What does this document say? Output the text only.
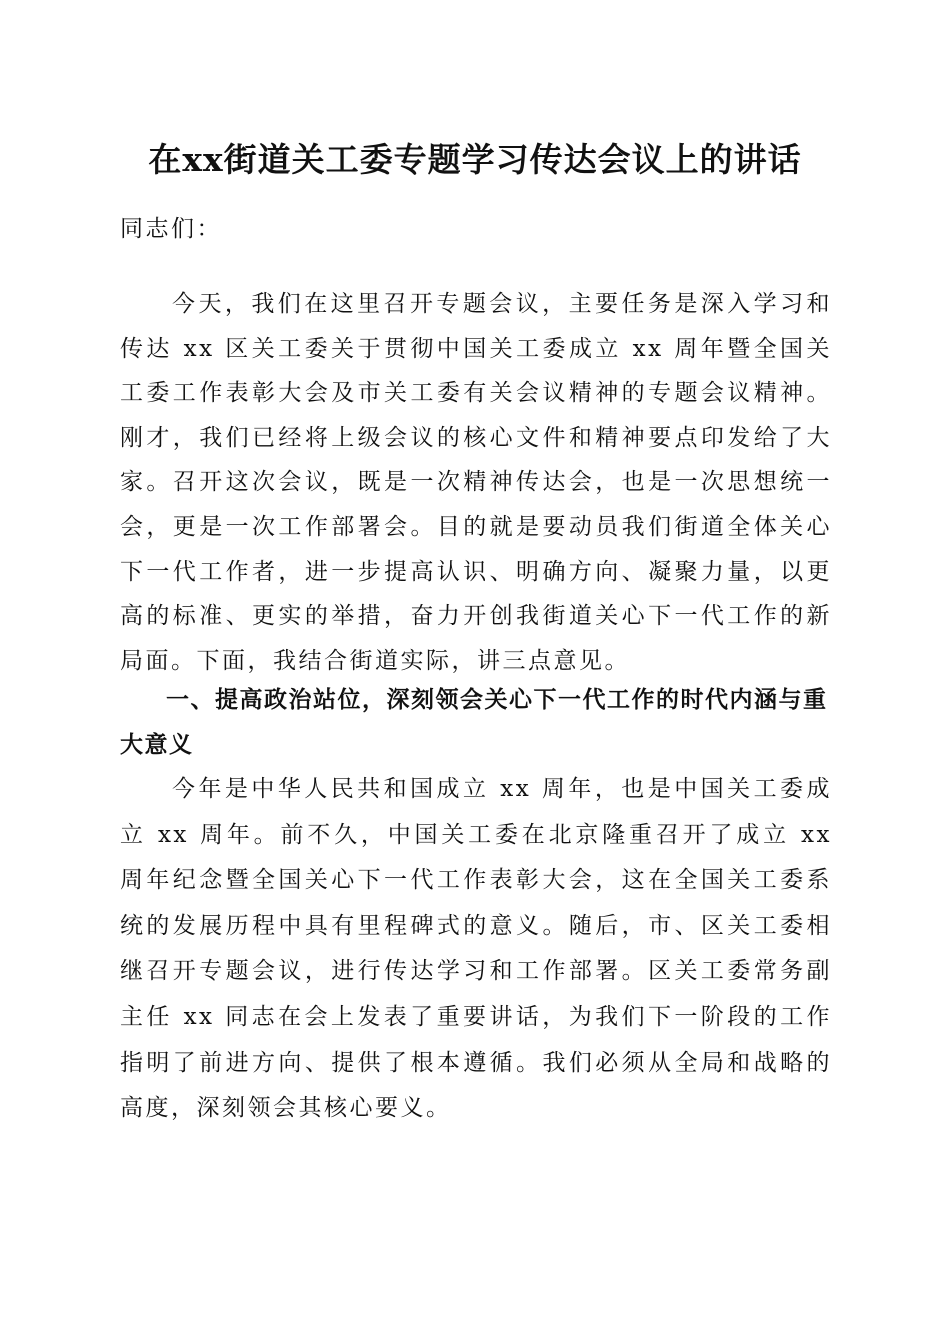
在xx街道关工委专题学习传达会议上的讲话

同志们：

今天，我们在这里召开专题会议，主要任务是深入学习和传达 xx 区关工委关于贯彻中国关工委成立 xx 周年暨全国关工委工作表彰大会及市关工委有关会议精神的专题会议精神。刚才，我们已经将上级会议的核心文件和精神要点印发给了大家。召开这次会议，既是一次精神传达会，也是一次思想统一会，更是一次工作部署会。目的就是要动员我们街道全体关心下一代工作者，进一步提高认识、明确方向、凝聚力量，以更高的标准、更实的举措，奋力开创我街道关心下一代工作的新局面。下面，我结合街道实际，讲三点意见。

一、提高政治站位，深刻领会关心下一代工作的时代内涵与重大意义

今年是中华人民共和国成立 xx 周年，也是中国关工委成立 xx 周年。前不久，中国关工委在北京隆重召开了成立 xx 周年纪念暨全国关心下一代工作表彰大会，这在全国关工委系统的发展历程中具有里程碑式的意义。随后，市、区关工委相继召开专题会议，进行传达学习和工作部署。区关工委常务副主任 xx 同志在会上发表了重要讲话，为我们下一阶段的工作指明了前进方向、提供了根本遵循。我们必须从全局和战略的高度，深刻领会其核心要义。
